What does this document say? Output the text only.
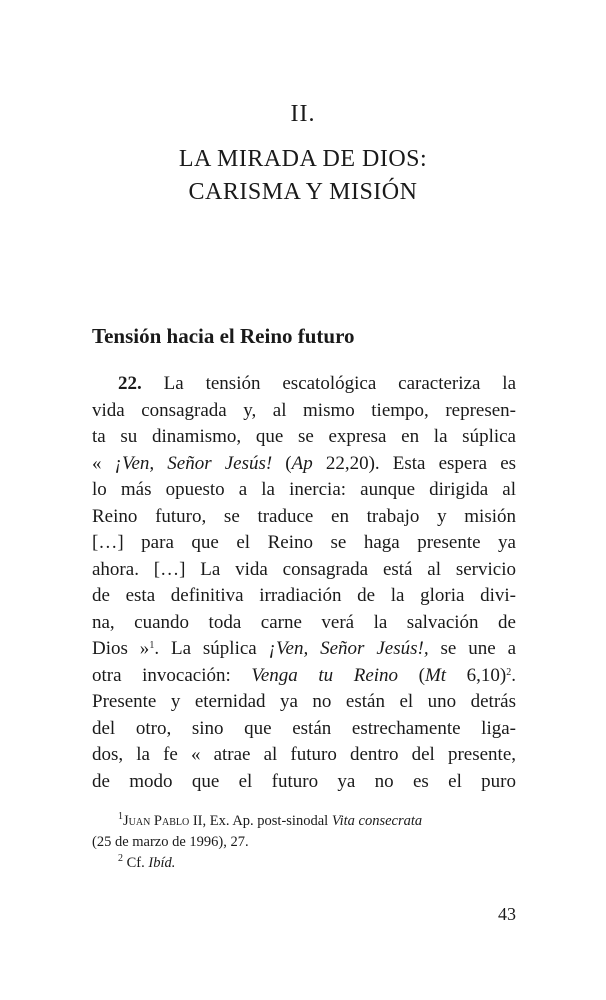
II.
LA MIRADA DE DIOS:
CARISMA Y MISIÓN
Tensión hacia el Reino futuro
22. La tensión escatológica caracteriza la
vida consagrada y, al mismo tiempo, represen-
ta su dinamismo, que se expresa en la súplica
« ¡Ven, Señor Jesús! (Ap 22,20). Esta espera es
lo más opuesto a la inercia: aunque dirigida al
Reino futuro, se traduce en trabajo y misión
[…] para que el Reino se haga presente ya
ahora. […] La vida consagrada está al servicio
de esta definitiva irradiación de la gloria divi-
na, cuando toda carne verá la salvación de
Dios »$^1$. La súplica ¡Ven, Señor Jesús!, se une a
otra invocación: Venga tu Reino (Mt 6,10)$^2$.
Presente y eternidad ya no están el uno detrás
del otro, sino que están estrechamente liga-
dos, la fe « atrae al futuro dentro del presente,
de modo que el futuro ya no es el puro
$^1$Juan Pablo II, Ex. Ap. post-sinodal Vita consecrata
(25 de marzo de 1996), 27.
$^2$ Cf. Ibíd.
43
